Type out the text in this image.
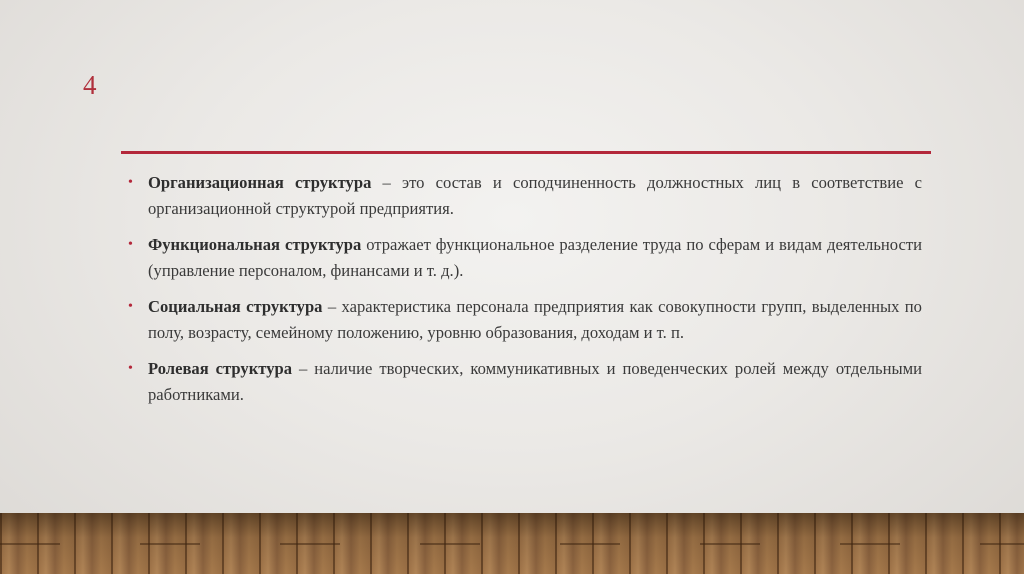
4
• Организационная структура – это состав и соподчиненность должностных лиц в соответствие с организационной структурой предприятия.
• Функциональная структура отражает функциональное разделение труда по сферам и видам деятельности (управление персоналом, финансами и т. д.).
• Социальная структура – характеристика персонала предприятия как совокупности групп, выделенных по полу, возрасту, семейному положению, уровню образования, доходам и т. п.
• Ролевая структура – наличие творческих, коммуникативных и поведенческих ролей между отдельными работниками.
